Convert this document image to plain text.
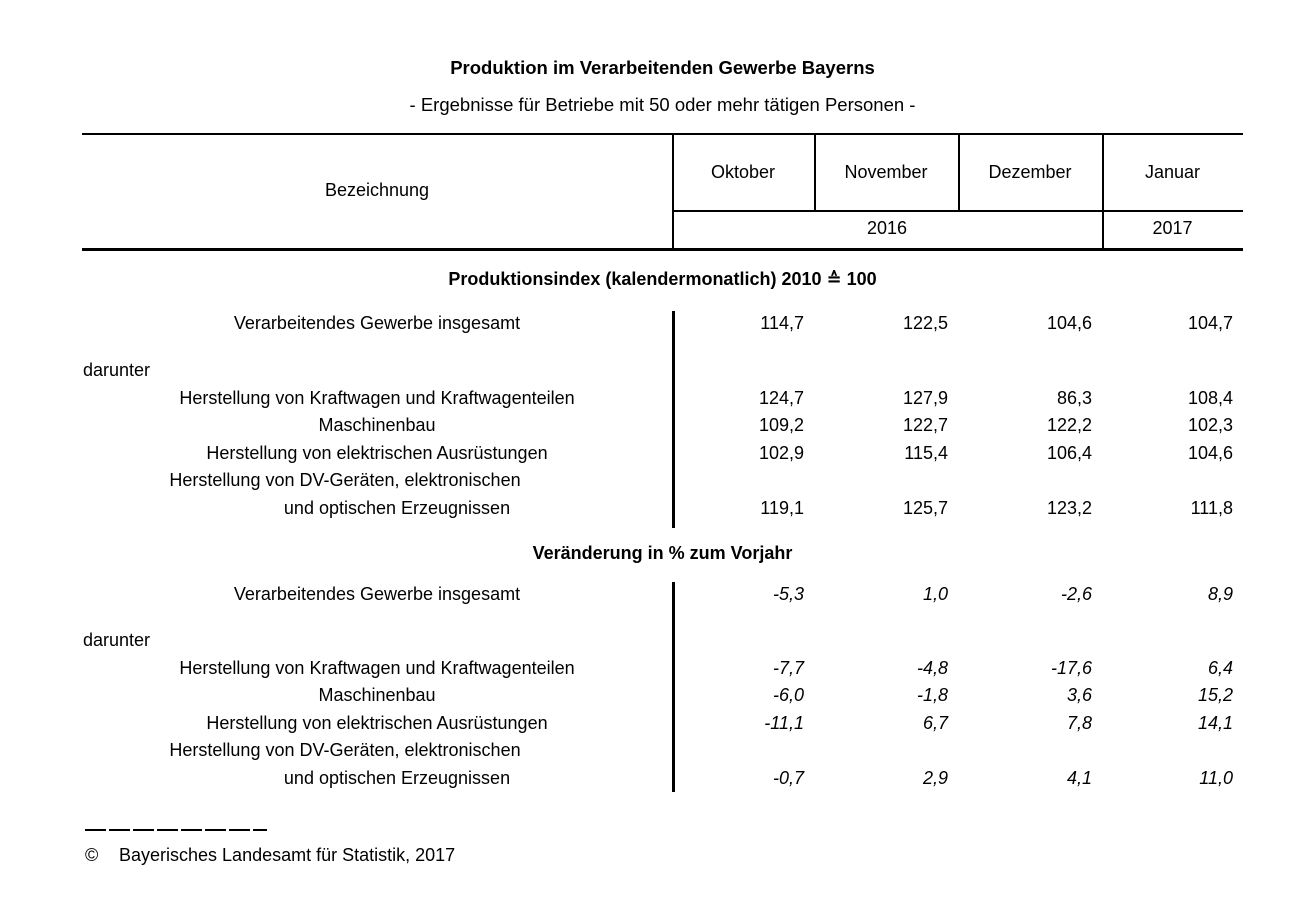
Produktion im Verarbeitenden Gewerbe Bayerns
- Ergebnisse für Betriebe mit 50 oder mehr tätigen Personen -
Bezeichnung
Oktober	November	Dezember	Januar
2016	2017
Produktionsindex (kalendermonatlich) 2010 ≙ 100
Verarbeitendes Gewerbe insgesamt	114,7	122,5	104,6	104,7
darunter
Herstellung von Kraftwagen und Kraftwagenteilen	124,7	127,9	86,3	108,4
Maschinenbau	109,2	122,7	122,2	102,3
Herstellung von elektrischen Ausrüstungen	102,9	115,4	106,4	104,6
Herstellung von DV-Geräten, elektronischen
und optischen Erzeugnissen	119,1	125,7	123,2	111,8
Veränderung in % zum Vorjahr
Verarbeitendes Gewerbe insgesamt	-5,3	1,0	-2,6	8,9
darunter
Herstellung von Kraftwagen und Kraftwagenteilen	-7,7	-4,8	-17,6	6,4
Maschinenbau	-6,0	-1,8	3,6	15,2
Herstellung von elektrischen Ausrüstungen	-11,1	6,7	7,8	14,1
Herstellung von DV-Geräten, elektronischen
und optischen Erzeugnissen	-0,7	2,9	4,1	11,0
© Bayerisches Landesamt für Statistik, 2017
